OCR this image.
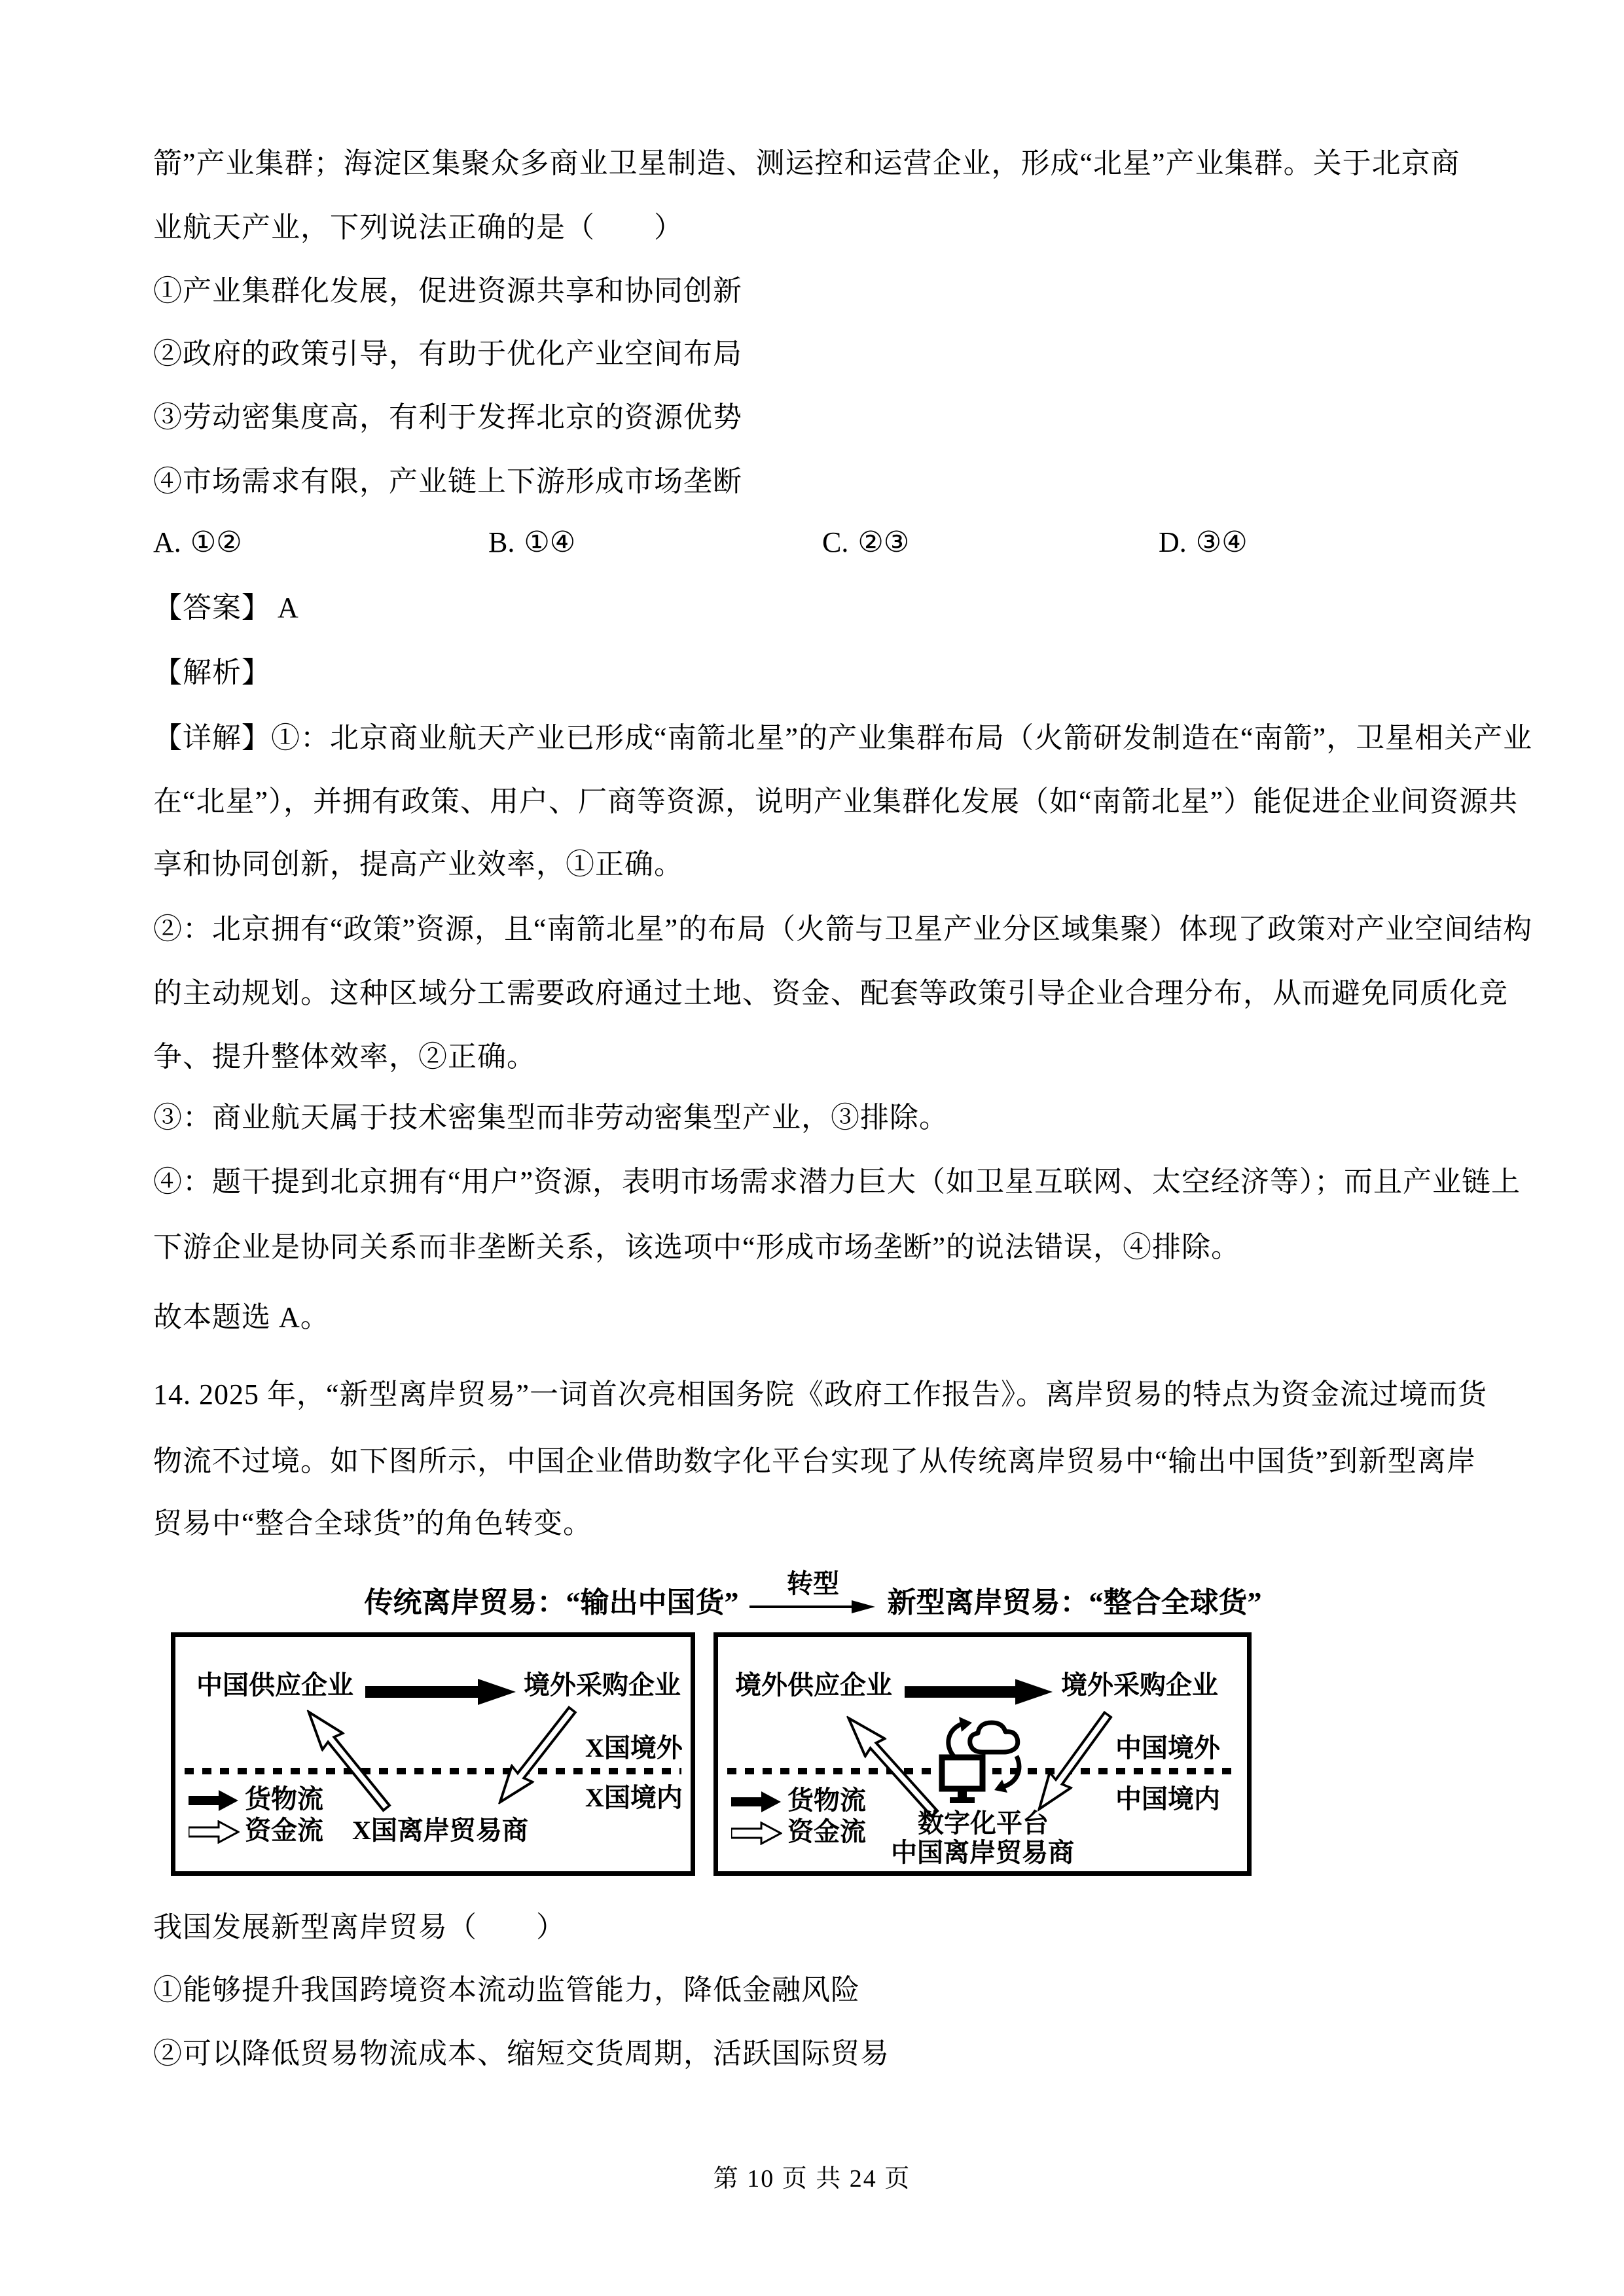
箭”产业集群；海淀区集聚众多商业卫星制造、测运控和运营企业，形成“北星”产业集群。关于北京商
业航天产业，下列说法正确的是（　　）
①产业集群化发展，促进资源共享和协同创新
②政府的政策引导，有助于优化产业空间布局
③劳动密集度高，有利于发挥北京的资源优势
④市场需求有限，产业链上下游形成市场垄断
A. ①②	B. ①④	C. ②③	D. ③④
【答案】 A
【解析】
【详解】①：北京商业航天产业已形成“南箭北星”的产业集群布局（火箭研发制造在“南箭”，卫星相关产业
在“北星”），并拥有政策、用户、厂商等资源，说明产业集群化发展（如“南箭北星”）能促进企业间资源共
享和协同创新，提高产业效率，①正确。
②：北京拥有“政策”资源，且“南箭北星”的布局（火箭与卫星产业分区域集聚）体现了政策对产业空间结构
的主动规划。这种区域分工需要政府通过土地、资金、配套等政策引导企业合理分布，从而避免同质化竞
争、提升整体效率，②正确。
③：商业航天属于技术密集型而非劳动密集型产业，③排除。
④：题干提到北京拥有“用户”资源，表明市场需求潜力巨大（如卫星互联网、太空经济等）；而且产业链上
下游企业是协同关系而非垄断关系，该选项中“形成市场垄断”的说法错误，④排除。
故本题选 A。
14. 2025 年，“新型离岸贸易”一词首次亮相国务院《政府工作报告》。离岸贸易的特点为资金流过境而货
物流不过境。如下图所示，中国企业借助数字化平台实现了从传统离岸贸易中“输出中国货”到新型离岸
贸易中“整合全球货”的角色转变。
传统离岸贸易：“输出中国货”
转型
新型离岸贸易：“整合全球货”
中国供应企业	境外采购企业
X国境外
X国境内
货物流
资金流 X国离岸贸易商
境外供应企业	境外采购企业
中国境外
中国境内
货物流
资金流 数字化平台
中国离岸贸易商
我国发展新型离岸贸易（　　）
①能够提升我国跨境资本流动监管能力，降低金融风险
②可以降低贸易物流成本、缩短交货周期，活跃国际贸易
第 10 页 共 24 页
